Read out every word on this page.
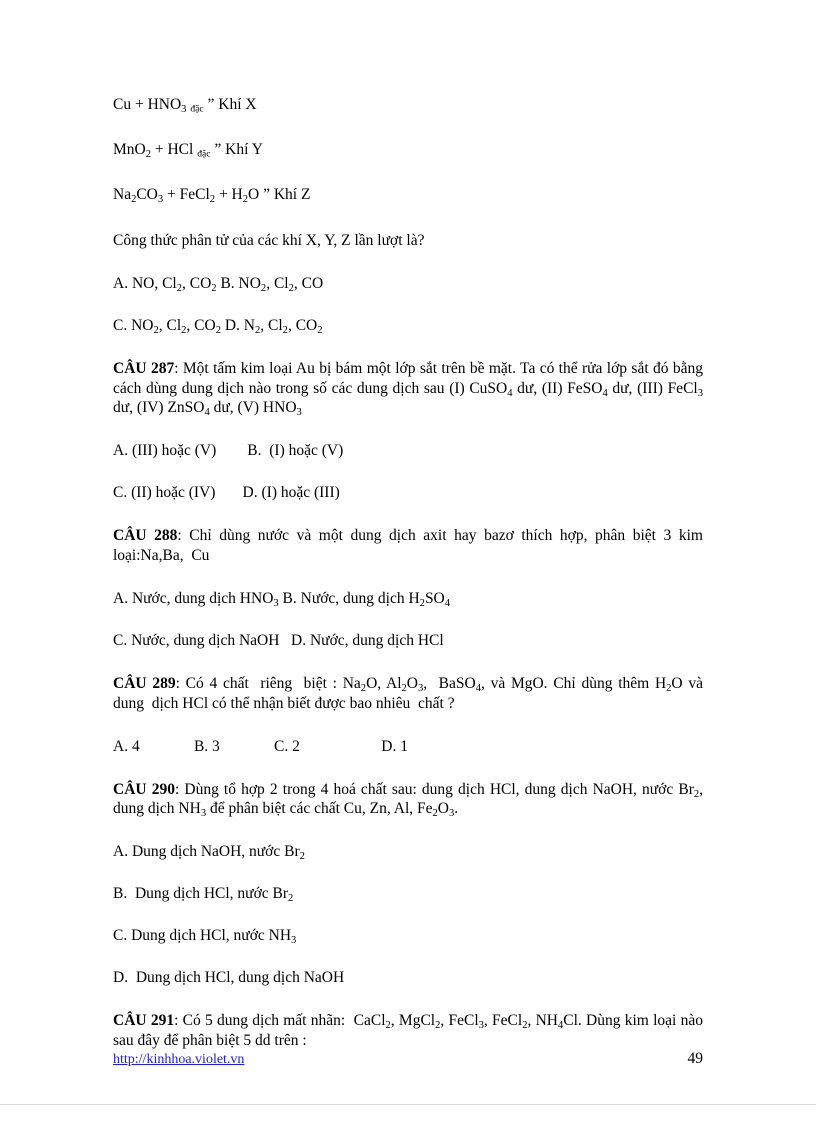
$Cu + HNO_3$ đặc ” Khí X
MnO$_2$ + HCl đặc ” Khí Y
$Na_2CO_3$ + FeCl$_2$ + $H_2O$ ” Khí Z

Công thức phân tử của các khí X, Y, Z lần lượt là?

A. NO, $Cl_2$, $CO_2$ B. $NO_2$, $Cl_2$, CO
C. $NO_2$, $Cl_2$, $CO_2$ D. $N_2$, $Cl_2$, $CO_2$

CÂU 287: Một tấm kim loại Au bị bám một lớp sắt trên bề mặt. Ta có thể rửa lớp sắt đó bằng cách dùng dung dịch nào trong số các dung dịch sau (I) CuSO$_4$ dư, (II) FeSO$_4$ dư, (III) FeCl$_3$ dư, (IV) ZnSO$_4$ dư, (V) $HNO_3$

A. (III) hoặc (V)        B.  (I) hoặc (V)
C. (II) hoặc (IV)       D. (I) hoặc (III)

CÂU 288: Chỉ dùng nước và một dung dịch axit hay bazơ thích hợp, phân biệt 3 kim loại:Na,Ba,  Cu

A. Nước, dung dịch $HNO_3$ B. Nước, dung dịch $H_2SO_4$
C. Nước, dung dịch NaOH   D. Nước, dung dịch HCl

CÂU 289: Có 4 chất  riêng  biệt : $Na_2O$, $Al_2O_3$,  BaSO$_4$, và MgO. Chỉ dùng thêm $H_2O$ và dung  dịch HCl có thể nhận biết được bao nhiêu  chất ?

A. 4              B. 3              C. 2                     D. 1

CÂU 290: Dùng tổ hợp 2 trong 4 hoá chất sau: dung dịch HCl, dung dịch NaOH, nước $Br_2$, dung dịch $NH_3$ để phân biệt các chất Cu, Zn, Al, $Fe_2O_3$.

A. Dung dịch NaOH, nước $Br_2$
B.  Dung dịch HCl, nước $Br_2$
C. Dung dịch HCl, nước $NH_3$
D.  Dung dịch HCl, dung dịch NaOH

CÂU 291: Có 5 dung dịch mất nhãn:  CaCl$_2$, MgCl$_2$, FeCl$_3$, FeCl$_2$, $NH_4Cl$. Dùng kim loại nào sau đây để phân biệt 5 dd trên :

http://kinhhoa.violet.vn	49
